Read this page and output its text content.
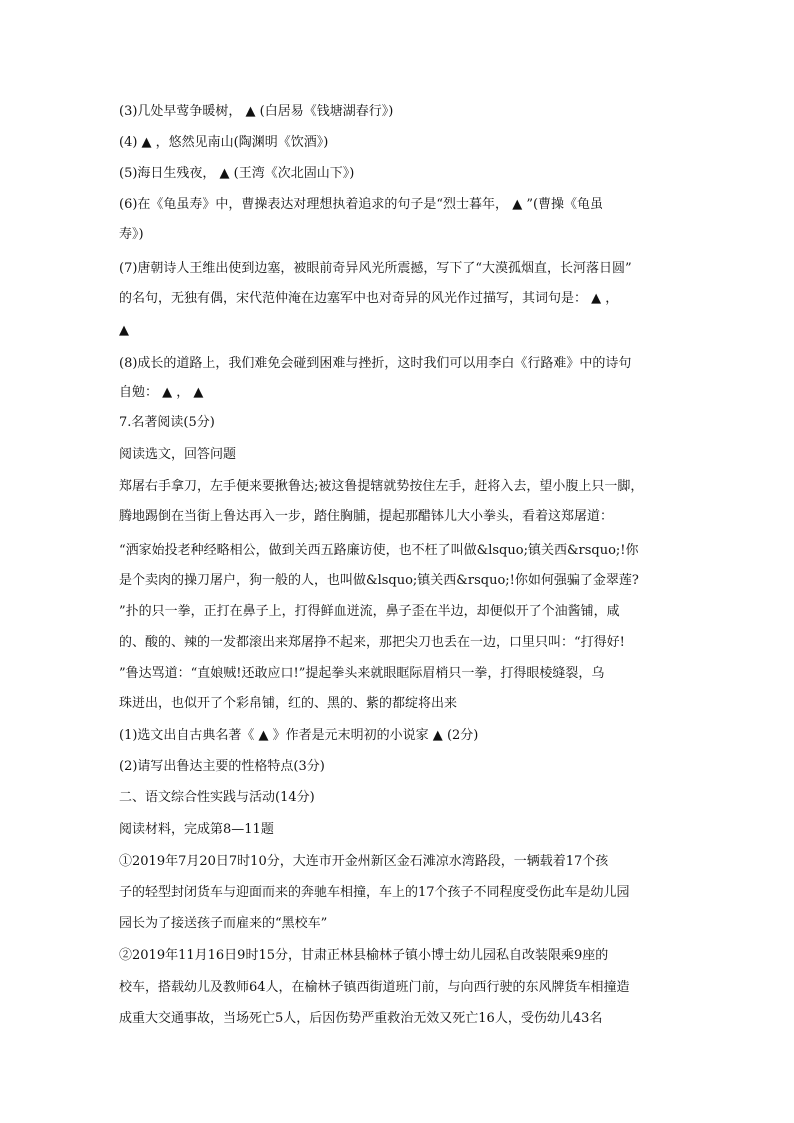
(3)几处早莺争暖树， ▲ (白居易《钱塘湖春行》)
(4) ▲ ，悠然见南山(陶渊明《饮酒》)
(5)海日生残夜， ▲ (王湾《次北固山下》)
(6)在《龟虽寿》中，曹操表达对理想执着追求的句子是“烈士暮年， ▲ ”(曹操《龟虽
寿》)
(7)唐朝诗人王维出使到边塞，被眼前奇异风光所震撼，写下了“大漠孤烟直，长河落日圆”
的名句，无独有偶，宋代范仲淹在边塞军中也对奇异的风光作过描写，其词句是： ▲ ，
▲
(8)成长的道路上，我们难免会碰到困难与挫折，这时我们可以用李白《行路难》中的诗句
自勉： ▲ ， ▲
7.名著阅读(5分)
阅读选文，回答问题
郑屠右手拿刀，左手便来要揪鲁达;被这鲁提辖就势按住左手，赶将入去，望小腹上只一脚，
腾地踢倒在当街上鲁达再入一步，踏住胸脯，提起那醋钵儿大小拳头，看着这郑屠道：
“洒家始投老种经略相公，做到关西五路廉访使，也不枉了叫做&lsquo;镇关西&rsquo;!你
是个卖肉的操刀屠户，狗一般的人，也叫做&lsquo;镇关西&rsquo;!你如何强骗了金翠莲?
”扑的只一拳，正打在鼻子上，打得鲜血迸流，鼻子歪在半边，却便似开了个油酱铺，咸
的、酸的、辣的一发都滚出来郑屠挣不起来，那把尖刀也丢在一边，口里只叫：“打得好!
”鲁达骂道：“直娘贼!还敢应口!”提起拳头来就眼眶际眉梢只一拳，打得眼棱缝裂，乌
珠迸出，也似开了个彩帛铺，红的、黑的、紫的都绽将出来
(1)选文出自古典名著《 ▲ 》作者是元末明初的小说家 ▲ (2分)
(2)请写出鲁达主要的性格特点(3分)
二、语文综合性实践与活动(14分)
阅读材料，完成第8—11题
①2019年7月20日7时10分，大连市开金州新区金石滩凉水湾路段，一辆载着17个孩
子的轻型封闭货车与迎面而来的奔驰车相撞，车上的17个孩子不同程度受伤此车是幼儿园
园长为了接送孩子而雇来的“黑校车”
②2019年11月16日9时15分，甘肃正林县榆林子镇小博士幼儿园私自改装限乘9座的
校车，搭载幼儿及教师64人，在榆林子镇西街道班门前，与向西行驶的东风牌货车相撞造
成重大交通事故，当场死亡5人，后因伤势严重救治无效又死亡16人，受伤幼儿43名
